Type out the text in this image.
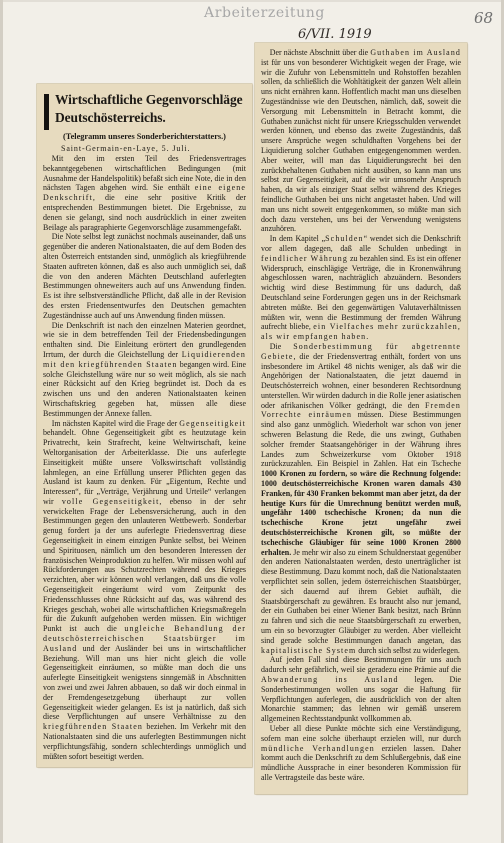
Arbeiterzeitung	68
6/VII. 1919
Wirtschaftliche Gegenvorschläge
Deutschösterreichs.
(Telegramm unseres Sonderberichterstatters.)
Saint-Germain-en-Laye, 5. Juli.

Mit den im ersten Teil des Friedensvertrages bekanntgegebenen wirtschaftlichen Bedingungen (mit Ausnahme der Handelspolitik) befaßt sich eine Note, die in den nächsten Tagen abgehen wird. Sie enthält eine eigene Denkschrift, die eine sehr positive Kritik der entsprechenden Bestimmungen bietet. Die Ergebnisse, zu denen sie gelangt, sind noch ausdrücklich in einer zweiten Beilage als paragraphierte Gegenvorschläge zusammengefaßt.

Die Note selbst legt zunächst nochmals auseinander, daß uns gegenüber die anderen Nationalstaaten, die auf dem Boden des alten Österreich entstanden sind, unmöglich als kriegführende Staaten auftreten können, daß es also auch unmöglich sei, daß die von den anderen Mächten Deutschland auferlegten Bestimmungen ohneweiters auch auf uns Anwendung finden. Es ist ihre selbstverständliche Pflicht, daß alle in der Revision des ersten Friedensentwurfes den Deutschen gemachten Zugeständnisse auch auf uns Anwendung finden müssen.

Die Denkschrift ist nach den einzelnen Materien geordnet, wie sie in dem betreffenden Teil der Friedensbedingungen enthalten sind. Die Einleitung erörtert den grundlegenden Irrtum, der durch die Gleichstellung der Liquidierenden mit den kriegführenden Staaten begangen wird. Eine solche Gleichstellung wäre nur so weit möglich, als sie nach einer Rücksicht auf den Krieg begründet ist. Doch da es zwischen uns und den anderen Nationalstaaten keinen Wirtschaftskrieg gegeben hat, müssen alle diese Bestimmungen der Annexe fallen.

Im nächsten Kapitel wird die Frage der Gegenseitigkeit behandelt. Ohne Gegenseitigkeit gibt es heutzutage kein Privatrecht, kein Strafrecht, keine Weltwirtschaft, keine Weltorganisation der Arbeiterklasse. Die uns auferlegte Einseitigkeit müßte unsere Volkswirtschaft vollständig lahmlegen, an eine Erfüllung unserer Pflichten gegen das Ausland ist kaum zu denken. Für „Eigentum, Rechte und Interessen“, für „Verträge, Verjährung und Urteile“ verlangen wir volle Gegenseitigkeit, ebenso in der sehr verwickelten Frage der Lebensversicherung, auch in den Bestimmungen gegen den unlauteren Wettbewerb. Sonderbar genug fordert ja der uns auferlegte Friedensvertrag diese Gegenseitigkeit in einem einzigen Punkte selbst, bei Weinen und Spirituosen, nämlich um den besonderen Interessen der französischen Weinproduktion zu helfen. Wir müssen wohl auf Rückforderungen aus Schutzrechten während des Krieges verzichten, aber wir können wohl verlangen, daß uns die volle Gegenseitigkeit eingeräumt wird vom Zeitpunkt des Friedensschlusses ohne Rücksicht auf das, was während des Krieges geschah, wobei alle wirtschaftlichen Kriegsmaßregeln für die Zukunft aufgehoben werden müssen. Ein wichtiger Punkt ist auch die ungleiche Behandlung der deutschösterreichischen Staatsbürger im Ausland und der Ausländer bei uns in wirtschaftlicher Beziehung. Will man uns hier nicht gleich die volle Gegenseitigkeit einräumen, so müßte man doch die uns auferlegte Einseitigkeit wenigstens sinngemäß in Abschnitten von zwei und zwei Jahren abbauen, so daß wir doch einmal in der Fremdengesetzgebung überhaupt zur vollen Gegenseitigkeit wieder gelangen. Es ist ja natürlich, daß sich diese Verpflichtungen auf unsere Verhältnisse zu den kriegführenden Staaten beziehen. Im Verkehr mit den Nationalstaaten sind die uns auferlegten Bestimmungen nicht verpflichtungsfähig, sondern schlechterdings unmöglich und müßten sofort beseitigt werden.

Der nächste Abschnitt über die Guthaben im Ausland ist für uns von besonderer Wichtigkeit wegen der Frage, wie wir die Zufuhr von Lebensmitteln und Rohstoffen bezahlen sollen, da schließlich die Wohltätigkeit der ganzen Welt allein uns nicht ernähren kann. Hoffentlich macht man uns dieselben Zugeständnisse wie den Deutschen, nämlich, daß, soweit die Versorgung mit Lebensmitteln in Betracht kommt, die Guthaben zunächst nicht für unsere Kriegsschulden verwendet werden können, und ebenso das zweite Zugeständnis, daß unsere Ansprüche wegen schuldhaften Vorgehens bei der Liquidierung solcher Guthaben entgegengenommen werden. Aber weiter, will man das Liquidierungsrecht bei den zurückbehaltenen Guthaben nicht ausüben, so kann man uns selbst zur Gegenseitigkeit, auf die wir umsomehr Anspruch haben, da wir als einziger Staat selbst während des Krieges feindliche Guthaben bei uns nicht angetastet haben. Und will man uns nicht soweit entgegenkommen, so müßte man sich doch dazu verstehen, uns bei der Verwendung wenigstens anzuhören.

In dem Kapitel „Schulden“ wendet sich die Denkschrift vor allem dagegen, daß alle Schulden unbedingt in feindlicher Währung zu bezahlen sind. Es ist ein offener Widerspruch, einschlägige Verträge, die in Kronenwährung abgeschlossen waren, nachträglich abzuändern. Besonders wichtig wird diese Bestimmung für uns dadurch, daß Deutschland seine Forderungen gegen uns in der Reichsmark abtreten müßte. Bei den gegenwärtigen Valutaverhältnissen müßten wir, wenn die Bestimmung der fremden Währung aufrecht bliebe, ein Vielfaches mehr zurückzahlen, als wir empfangen haben.

Die Sonderbestimmung für abgetrennte Gebiete, die der Friedensvertrag enthält, fordert von uns insbesondere im Artikel 48 nichts weniger, als daß wir die Angehörigen der Nationalstaaten, die jetzt dauernd in Deutschösterreich wohnen, einer besonderen Rechtsordnung unterstellen. Wir würden dadurch in die Rolle jener asiatischen oder afrikanischen Völker gedrängt, die den Fremden Vorrechte einräumen müssen. Diese Bestimmungen sind also ganz unmöglich. Wiederholt war schon von jener schweren Belastung die Rede, die uns zwingt, Guthaben solcher fremder Staatsangehöriger in der Währung ihres Landes zum Schweizerkurse vom Oktober 1918 zurückzuzahlen. Ein Beispiel in Zahlen. Hat ein Tscheche 1000 Kronen zu fordern, so wäre die Rechnung folgende: 1000 deutschösterreichische Kronen waren damals 430 Franken, für 430 Franken bekommt man aber jetzt, da der heutige Kurs für die Umrechnung benützt werden muß, ungefähr 1400 tschechische Kronen; da nun die tschechische Krone jetzt ungefähr zwei deutschösterreichische Kronen gilt, so müßte der tschechische Gläubiger für seine 1000 Kronen 2800 erhalten. Je mehr wir also zu einem Schuldnerstaat gegenüber den anderen Nationalstaaten werden, desto unerträglicher ist diese Bestimmung. Dazu kommt noch, daß die Nationalstaaten verpflichtet sein sollen, jedem österreichischen Staatsbürger, der sich dauernd auf ihrem Gebiet aufhält, die Staatsbürgerschaft zu gewähren. Es braucht also nur jemand, der ein Guthaben bei einer Wiener Bank besitzt, nach Brünn zu fahren und sich die neue Staatsbürgerschaft zu erwerben, um ein so bevorzugter Gläubiger zu werden. Aber vielleicht sind gerade solche Bestimmungen danach angetan, das kapitalistische System durch sich selbst zu widerlegen.

Auf jeden Fall sind diese Bestimmungen für uns auch dadurch sehr gefährlich, weil sie geradezu eine Prämie auf die Abwanderung ins Ausland legen. Die Sonderbestimmungen wollen uns sogar die Haftung für Verpflichtungen auferlegen, die ausdrücklich von der alten Monarchie stammen; das lehnen wir gemäß unserem allgemeinen Rechtsstandpunkt vollkommen ab.

Ueber all diese Punkte möchte sich eine Verständigung, sofern man eine solche überhaupt erzielen will, nur durch mündliche Verhandlungen erzielen lassen. Daher kommt auch die Denkschrift zu dem Schlußergebnis, daß eine mündliche Aussprache in einer besonderen Kommission für alle Vertragsteile das beste wäre.
